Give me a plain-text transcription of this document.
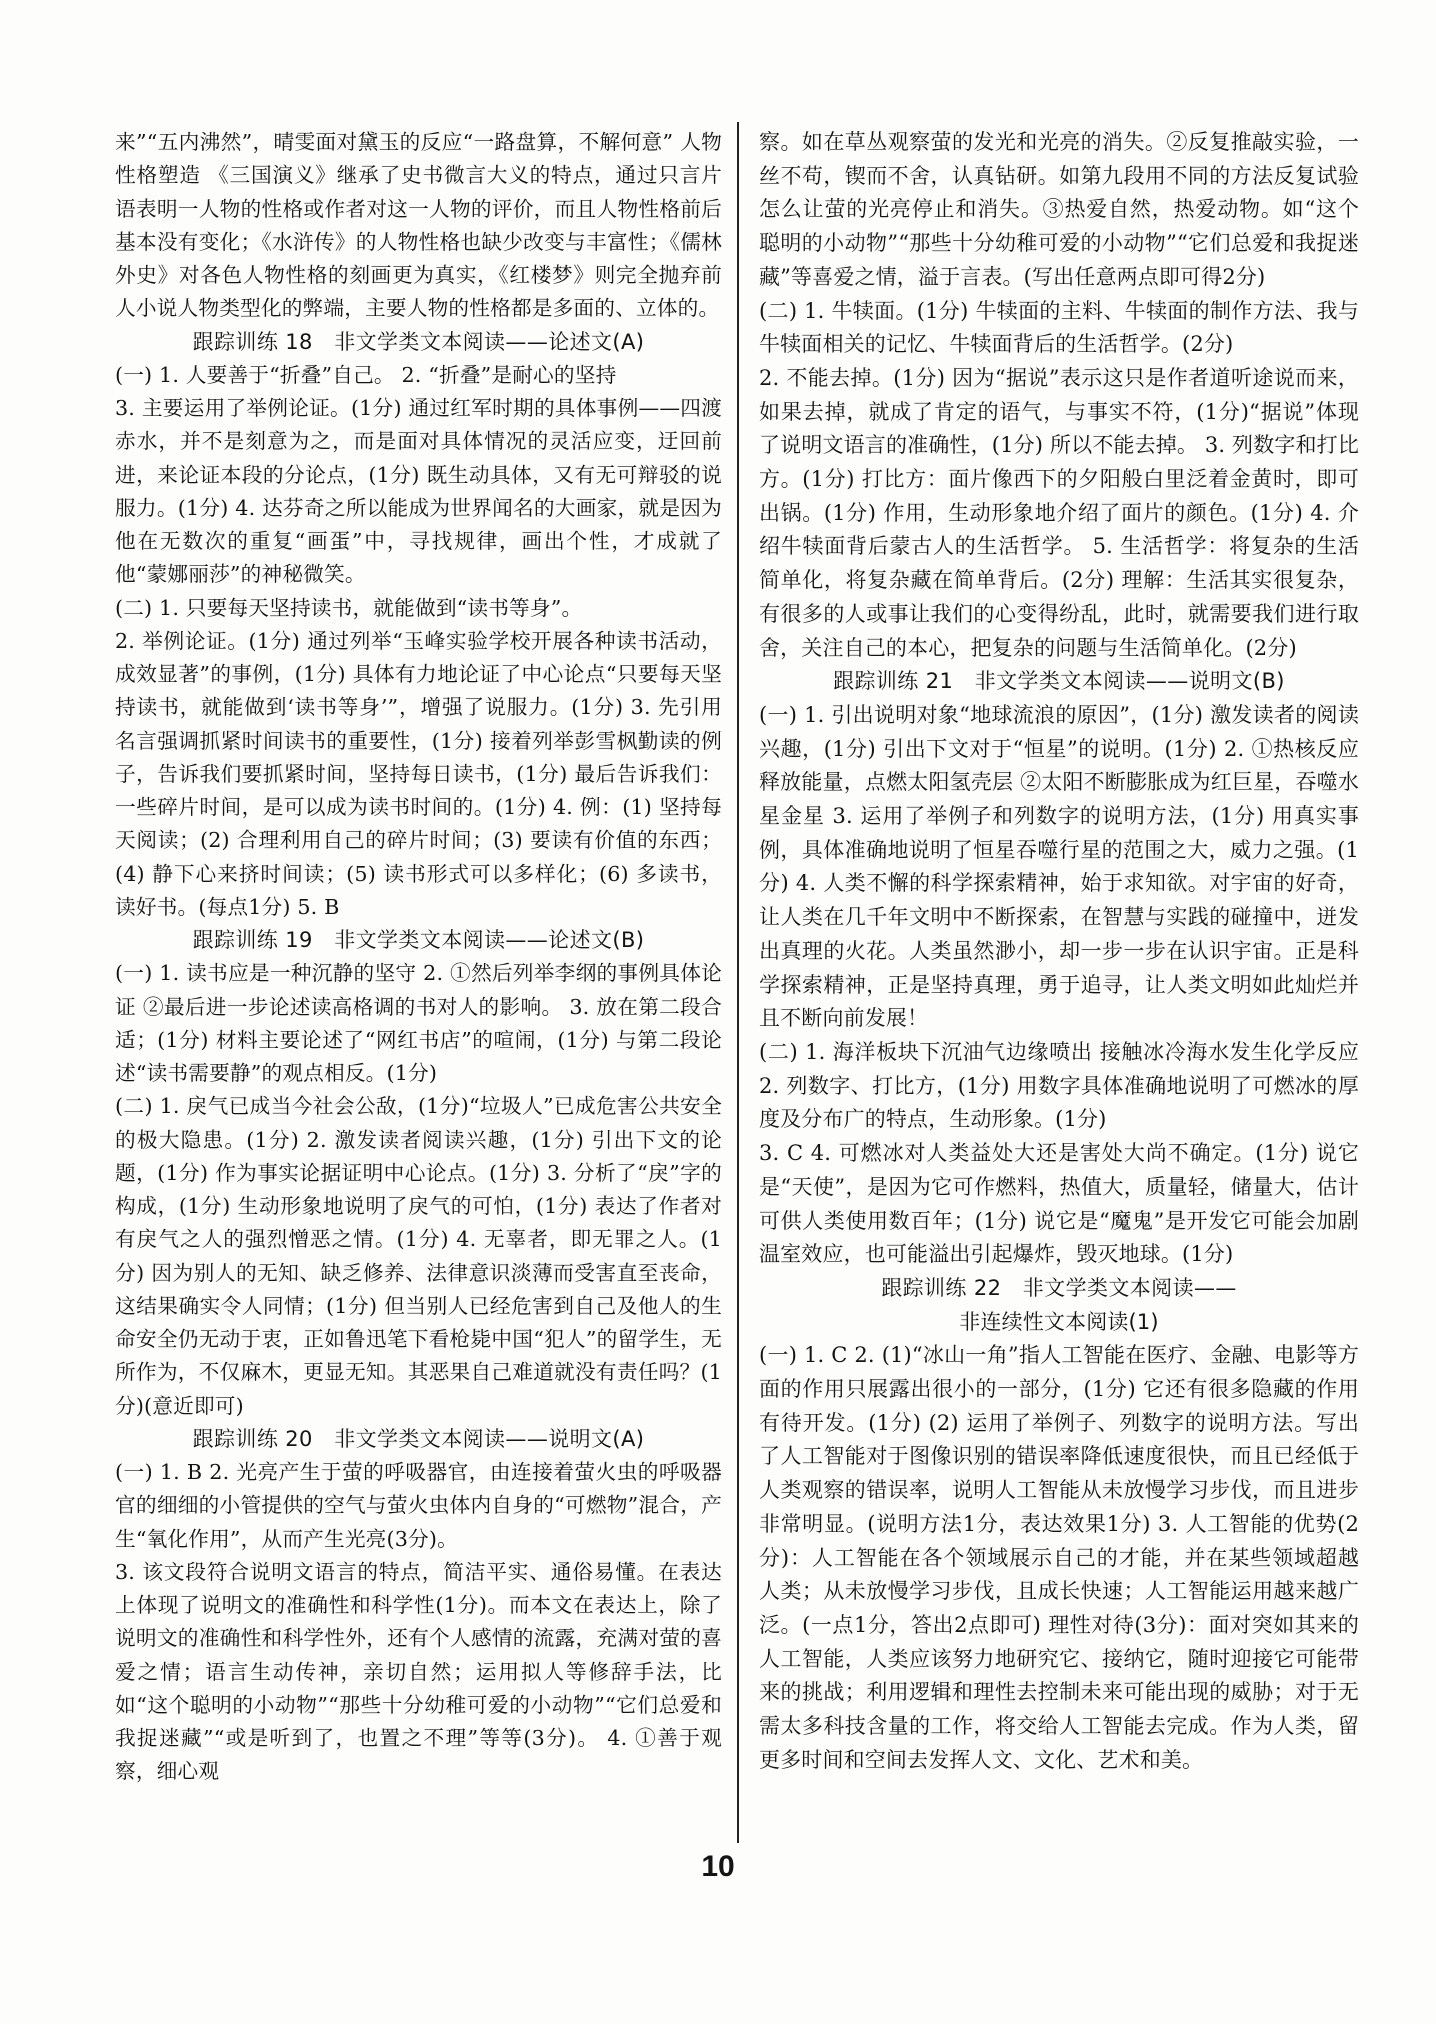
来”“五内沸然”，晴雯面对黛玉的反应“一路盘算，不解何意” 人物性格塑造 《三国演义》继承了史书微言大义的特点，通过只言片语表明一人物的性格或作者对这一人物的评价，而且人物性格前后基本没有变化；《水浒传》的人物性格也缺少改变与丰富性；《儒林外史》对各色人物性格的刻画更为真实，《红楼梦》则完全抛弃前人小说人物类型化的弊端，主要人物的性格都是多面的、立体的。

跟踪训练 18　非文学类文本阅读——论述文(A)

(一) 1. 人要善于“折叠”自己。 2. “折叠”是耐心的坚持

3. 主要运用了举例论证。(1分) 通过红军时期的具体事例——四渡赤水，并不是刻意为之，而是面对具体情况的灵活应变，迂回前进，来论证本段的分论点，(1分) 既生动具体，又有无可辩驳的说服力。(1分) 4. 达芬奇之所以能成为世界闻名的大画家，就是因为他在无数次的重复“画蛋”中，寻找规律，画出个性，才成就了他“蒙娜丽莎”的神秘微笑。

(二) 1. 只要每天坚持读书，就能做到“读书等身”。

2. 举例论证。(1分) 通过列举“玉峰实验学校开展各种读书活动，成效显著”的事例，(1分) 具体有力地论证了中心论点“只要每天坚持读书，就能做到‘读书等身’”，增强了说服力。(1分) 3. 先引用名言强调抓紧时间读书的重要性，(1分) 接着列举彭雪枫勤读的例子，告诉我们要抓紧时间，坚持每日读书，(1分) 最后告诉我们：一些碎片时间，是可以成为读书时间的。(1分) 4. 例：(1) 坚持每天阅读；(2) 合理利用自己的碎片时间；(3) 要读有价值的东西；(4) 静下心来挤时间读；(5) 读书形式可以多样化；(6) 多读书，读好书。(每点1分) 5. B

跟踪训练 19　非文学类文本阅读——论述文(B)

(一) 1. 读书应是一种沉静的坚守 2. ①然后列举李纲的事例具体论证 ②最后进一步论述读高格调的书对人的影响。 3. 放在第二段合适；(1分) 材料主要论述了“网红书店”的喧闹，(1分) 与第二段论述“读书需要静”的观点相反。(1分)

(二) 1. 戾气已成当今社会公敌，(1分)“垃圾人”已成危害公共安全的极大隐患。(1分) 2. 激发读者阅读兴趣，(1分) 引出下文的论题，(1分) 作为事实论据证明中心论点。(1分) 3. 分析了“戾”字的构成，(1分) 生动形象地说明了戾气的可怕，(1分) 表达了作者对有戾气之人的强烈憎恶之情。(1分) 4. 无辜者，即无罪之人。(1分) 因为别人的无知、缺乏修养、法律意识淡薄而受害直至丧命，这结果确实令人同情；(1分) 但当别人已经危害到自己及他人的生命安全仍无动于衷，正如鲁迅笔下看枪毙中国“犯人”的留学生，无所作为，不仅麻木，更显无知。其恶果自己难道就没有责任吗？(1分)(意近即可)

跟踪训练 20　非文学类文本阅读——说明文(A)

(一) 1. B 2. 光亮产生于萤的呼吸器官，由连接着萤火虫的呼吸器官的细细的小管提供的空气与萤火虫体内自身的“可燃物”混合，产生“氧化作用”，从而产生光亮(3分)。

3. 该文段符合说明文语言的特点，简洁平实、通俗易懂。在表达上体现了说明文的准确性和科学性(1分)。而本文在表达上，除了说明文的准确性和科学性外，还有个人感情的流露，充满对萤的喜爱之情；语言生动传神，亲切自然；运用拟人等修辞手法，比如“这个聪明的小动物”“那些十分幼稚可爱的小动物”“它们总爱和我捉迷藏”“或是听到了，也置之不理”等等(3分)。 4. ①善于观察，细心观

察。如在草丛观察萤的发光和光亮的消失。②反复推敲实验，一丝不苟，锲而不舍，认真钻研。如第九段用不同的方法反复试验怎么让萤的光亮停止和消失。③热爱自然，热爱动物。如“这个聪明的小动物”“那些十分幼稚可爱的小动物”“它们总爱和我捉迷藏”等喜爱之情，溢于言表。(写出任意两点即可得2分)

(二) 1. 牛犊面。(1分) 牛犊面的主料、牛犊面的制作方法、我与牛犊面相关的记忆、牛犊面背后的生活哲学。(2分)

2. 不能去掉。(1分) 因为“据说”表示这只是作者道听途说而来，如果去掉，就成了肯定的语气，与事实不符，(1分)“据说”体现了说明文语言的准确性，(1分) 所以不能去掉。 3. 列数字和打比方。(1分) 打比方：面片像西下的夕阳般白里泛着金黄时，即可出锅。(1分) 作用，生动形象地介绍了面片的颜色。(1分) 4. 介绍牛犊面背后蒙古人的生活哲学。 5. 生活哲学：将复杂的生活简单化，将复杂藏在简单背后。(2分) 理解：生活其实很复杂，有很多的人或事让我们的心变得纷乱，此时，就需要我们进行取舍，关注自己的本心，把复杂的问题与生活简单化。(2分)

跟踪训练 21　非文学类文本阅读——说明文(B)

(一) 1. 引出说明对象“地球流浪的原因”，(1分) 激发读者的阅读兴趣，(1分) 引出下文对于“恒星”的说明。(1分) 2. ①热核反应释放能量，点燃太阳氢壳层 ②太阳不断膨胀成为红巨星，吞噬水星金星 3. 运用了举例子和列数字的说明方法，(1分) 用真实事例，具体准确地说明了恒星吞噬行星的范围之大，威力之强。(1分) 4. 人类不懈的科学探索精神，始于求知欲。对宇宙的好奇，让人类在几千年文明中不断探索，在智慧与实践的碰撞中，迸发出真理的火花。人类虽然渺小，却一步一步在认识宇宙。正是科学探索精神，正是坚持真理，勇于追寻，让人类文明如此灿烂并且不断向前发展！

(二) 1. 海洋板块下沉油气边缘喷出 接触冰冷海水发生化学反应 2. 列数字、打比方，(1分) 用数字具体准确地说明了可燃冰的厚度及分布广的特点，生动形象。(1分)

3. C 4. 可燃冰对人类益处大还是害处大尚不确定。(1分) 说它是“天使”，是因为它可作燃料，热值大，质量轻，储量大，估计可供人类使用数百年；(1分) 说它是“魔鬼”是开发它可能会加剧温室效应，也可能溢出引起爆炸，毁灭地球。(1分)

跟踪训练 22　非文学类文本阅读——

非连续性文本阅读(1)

(一) 1. C 2. (1)“冰山一角”指人工智能在医疗、金融、电影等方面的作用只展露出很小的一部分，(1分) 它还有很多隐藏的作用有待开发。(1分) (2) 运用了举例子、列数字的说明方法。写出了人工智能对于图像识别的错误率降低速度很快，而且已经低于人类观察的错误率，说明人工智能从未放慢学习步伐，而且进步非常明显。(说明方法1分，表达效果1分) 3. 人工智能的优势(2分)：人工智能在各个领域展示自己的才能，并在某些领域超越人类；从未放慢学习步伐，且成长快速；人工智能运用越来越广泛。(一点1分，答出2点即可) 理性对待(3分)：面对突如其来的人工智能，人类应该努力地研究它、接纳它，随时迎接它可能带来的挑战；利用逻辑和理性去控制未来可能出现的威胁；对于无需太多科技含量的工作，将交给人工智能去完成。作为人类，留更多时间和空间去发挥人文、文化、艺术和美。

10
